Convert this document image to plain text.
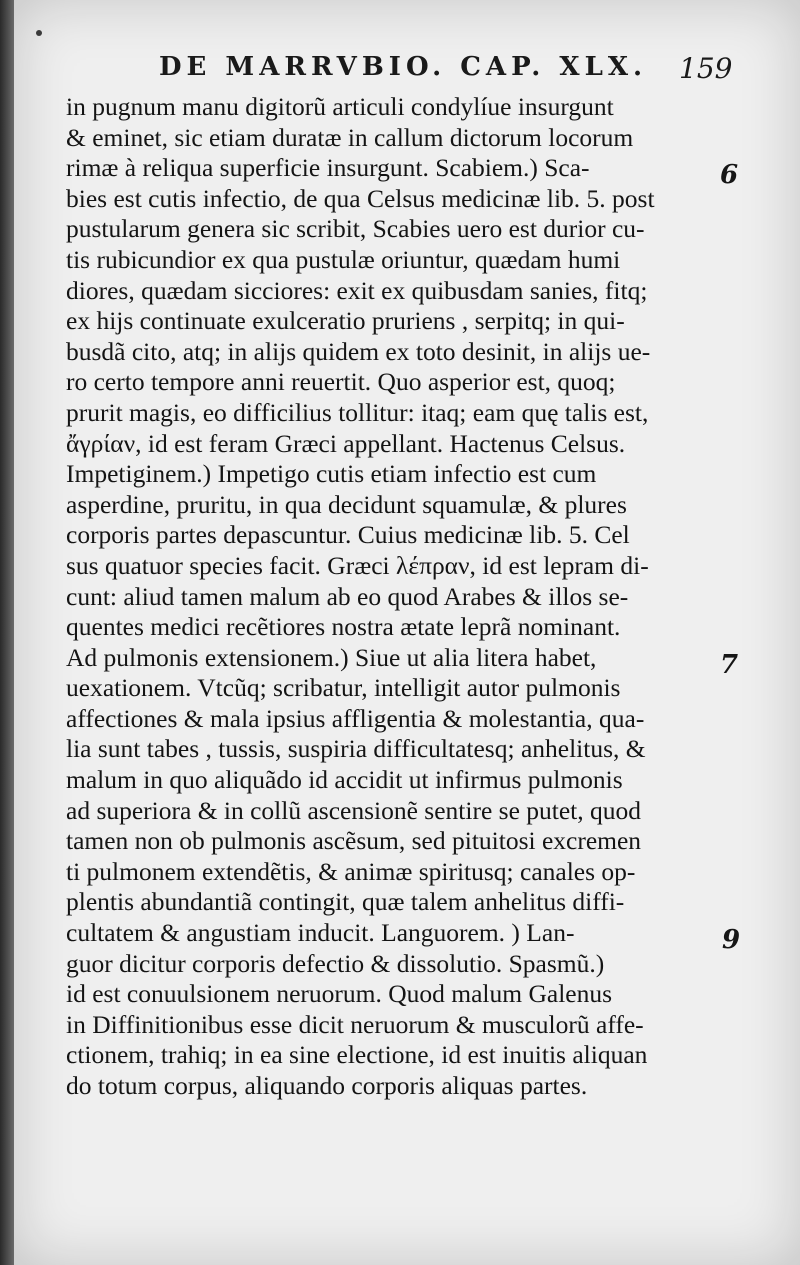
DE MARRVBIO. CAP. XLX. 159
in pugnum manu digitorũ articuli condylíue insurgunt
& eminet, sic etiam duratæ in callum dictorum locorum
rimæ à reliqua superficie insurgunt. Scabiem.) Sca-
bies est cutis infectio, de qua Celsus medicinæ lib. 5. post
pustularum genera sic scribit, Scabies uero est durior cu-
tis rubicundior ex qua pustulæ oriuntur, quædam humi
diores, quædam sicciores: exit ex quibusdam sanies, fitq;
ex hijs continuate exulceratio pruriens , serpitq; in qui-
busdã cito, atq; in alijs quidem ex toto desinit, in alijs ue-
ro certo tempore anni reuertit. Quo asperior est, quoq;
prurit magis, eo difficilius tollitur: itaq; eam quę talis est,
ἄγρίαν, id est feram Græci appellant. Hactenus Celsus.
Impetiginem.) Impetigo cutis etiam infectio est cum
asperdine, pruritu, in qua decidunt squamulæ, & plures
corporis partes depascuntur. Cuius medicinæ lib. 5. Cel
sus quatuor species facit. Græci λέπραν, id est lepram di-
cunt: aliud tamen malum ab eo quod Arabes & illos se-
quentes medici recẽtiores nostra ætate leprã nominant.
Ad pulmonis extensionem.) Siue ut alia litera habet,
uexationem. Vtcũq; scribatur, intelligit autor pulmonis
affectiones & mala ipsius affligentia & molestantia, qua-
lia sunt tabes , tussis, suspiria difficultatesq; anhelitus, &
malum in quo aliquãdo id accidit ut infirmus pulmonis
ad superiora & in collũ ascensionẽ sentire se putet, quod
tamen non ob pulmonis ascẽsum, sed pituitosi excremen
ti pulmonem extendẽtis, & animæ spiritusq; canales op-
plentis abundantiã contingit, quæ talem anhelitus diffi-
cultatem & angustiam inducit. Languorem. ) Lan-
guor dicitur corporis defectio & dissolutio. Spasmũ.)
id est conuulsionem neruorum. Quod malum Galenus
in Diffinitionibus esse dicit neruorum & musculorũ affe-
ctionem, trahiq; in ea sine electione, id est inuitis aliquan
do totum corpus, aliquando corporis aliquas partes.
6
7
9
